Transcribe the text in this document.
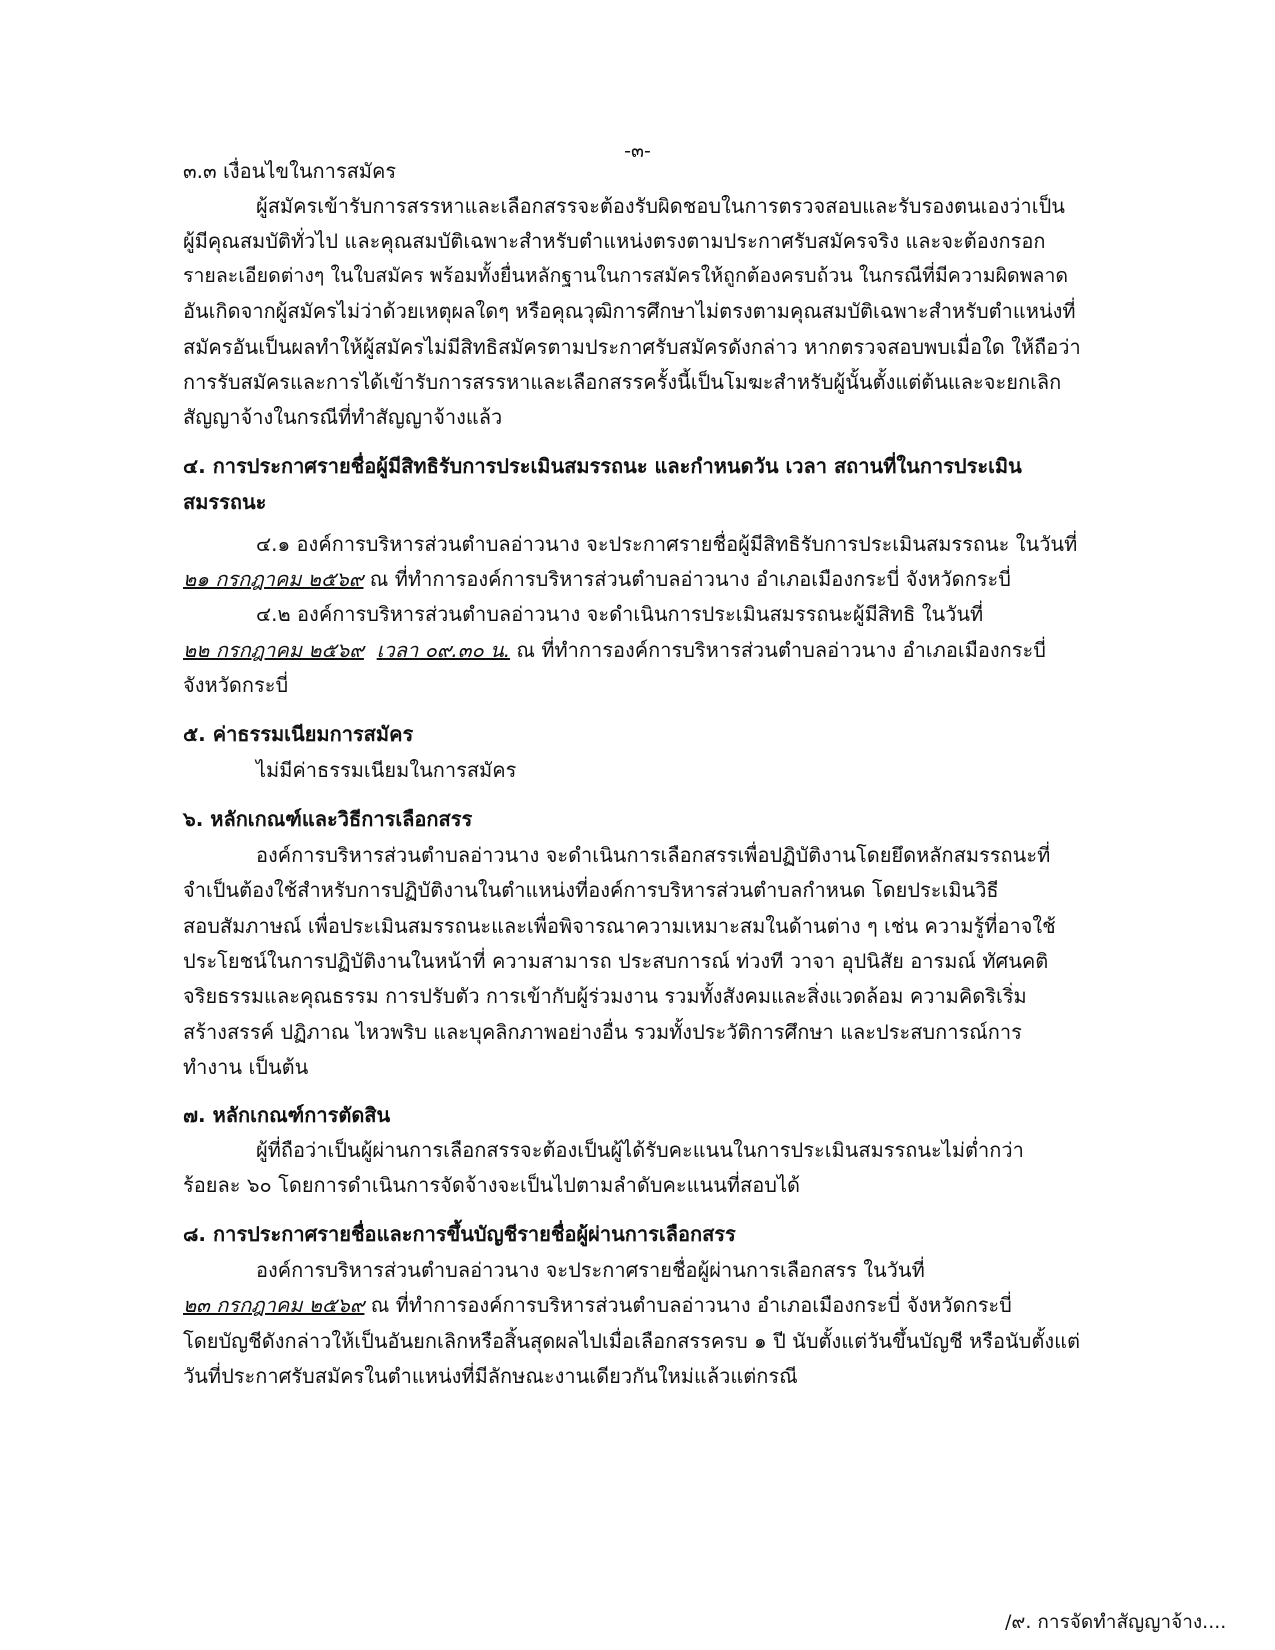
-๓-
๓.๓ เงื่อนไขในการสมัคร
ผู้สมัครเข้ารับการสรรหาและเลือกสรรจะต้องรับผิดชอบในการตรวจสอบและรับรองตนเองว่าเป็น
ผู้มีคุณสมบัติทั่วไป และคุณสมบัติเฉพาะสำหรับตำแหน่งตรงตามประกาศรับสมัครจริง และจะต้องกรอก
รายละเอียดต่างๆ ในใบสมัคร พร้อมทั้งยื่นหลักฐานในการสมัครให้ถูกต้องครบถ้วน ในกรณีที่มีความผิดพลาด
อันเกิดจากผู้สมัครไม่ว่าด้วยเหตุผลใดๆ หรือคุณวุฒิการศึกษาไม่ตรงตามคุณสมบัติเฉพาะสำหรับตำแหน่งที่
สมัครอันเป็นผลทำให้ผู้สมัครไม่มีสิทธิสมัครตามประกาศรับสมัครดังกล่าว หากตรวจสอบพบเมื่อใด ให้ถือว่า
การรับสมัครและการได้เข้ารับการสรรหาและเลือกสรรครั้งนี้เป็นโมฆะสำหรับผู้นั้นตั้งแต่ต้นและจะยกเลิก
สัญญาจ้างในกรณีที่ทำสัญญาจ้างแล้ว
๔. การประกาศรายชื่อผู้มีสิทธิรับการประเมินสมรรถนะ และกำหนดวัน เวลา สถานที่ในการประเมิน
สมรรถนะ
๔.๑ องค์การบริหารส่วนตำบลอ่าวนาง จะประกาศรายชื่อผู้มีสิทธิรับการประเมินสมรรถนะ ในวันที่
๒๑ กรกฎาคม ๒๕๖๙ ณ ที่ทำการองค์การบริหารส่วนตำบลอ่าวนาง อำเภอเมืองกระบี่ จังหวัดกระบี่
๔.๒ องค์การบริหารส่วนตำบลอ่าวนาง จะดำเนินการประเมินสมรรถนะผู้มีสิทธิ ในวันที่
๒๒ กรกฎาคม ๒๕๖๙ เวลา ๐๙.๓๐ น. ณ ที่ทำการองค์การบริหารส่วนตำบลอ่าวนาง อำเภอเมืองกระบี่
จังหวัดกระบี่
๕. ค่าธรรมเนียมการสมัคร
ไม่มีค่าธรรมเนียมในการสมัคร
๖. หลักเกณฑ์และวิธีการเลือกสรร
องค์การบริหารส่วนตำบลอ่าวนาง จะดำเนินการเลือกสรรเพื่อปฏิบัติงานโดยยึดหลักสมรรถนะที่
จำเป็นต้องใช้สำหรับการปฏิบัติงานในตำแหน่งที่องค์การบริหารส่วนตำบลกำหนด โดยประเมินวิธี
สอบสัมภาษณ์ เพื่อประเมินสมรรถนะและเพื่อพิจารณาความเหมาะสมในด้านต่าง ๆ เช่น ความรู้ที่อาจใช้
ประโยชน์ในการปฏิบัติงานในหน้าที่ ความสามารถ ประสบการณ์ ท่วงที วาจา อุปนิสัย อารมณ์ ทัศนคติ
จริยธรรมและคุณธรรม การปรับตัว การเข้ากับผู้ร่วมงาน รวมทั้งสังคมและสิ่งแวดล้อม ความคิดริเริ่ม
สร้างสรรค์ ปฏิภาณ ไหวพริบ และบุคลิกภาพอย่างอื่น รวมทั้งประวัติการศึกษา และประสบการณ์การ
ทำงาน เป็นต้น
๗. หลักเกณฑ์การตัดสิน
ผู้ที่ถือว่าเป็นผู้ผ่านการเลือกสรรจะต้องเป็นผู้ได้รับคะแนนในการประเมินสมรรถนะไม่ต่ำกว่า
ร้อยละ ๖๐ โดยการดำเนินการจัดจ้างจะเป็นไปตามลำดับคะแนนที่สอบได้
๘. การประกาศรายชื่อและการขึ้นบัญชีรายชื่อผู้ผ่านการเลือกสรร
องค์การบริหารส่วนตำบลอ่าวนาง จะประกาศรายชื่อผู้ผ่านการเลือกสรร ในวันที่
๒๓ กรกฎาคม ๒๕๖๙ ณ ที่ทำการองค์การบริหารส่วนตำบลอ่าวนาง อำเภอเมืองกระบี่ จังหวัดกระบี่
โดยบัญชีดังกล่าวให้เป็นอันยกเลิกหรือสิ้นสุดผลไปเมื่อเลือกสรรครบ ๑ ปี นับตั้งแต่วันขึ้นบัญชี หรือนับตั้งแต่
วันที่ประกาศรับสมัครในตำแหน่งที่มีลักษณะงานเดียวกันใหม่แล้วแต่กรณี
/๙. การจัดทำสัญญาจ้าง....
